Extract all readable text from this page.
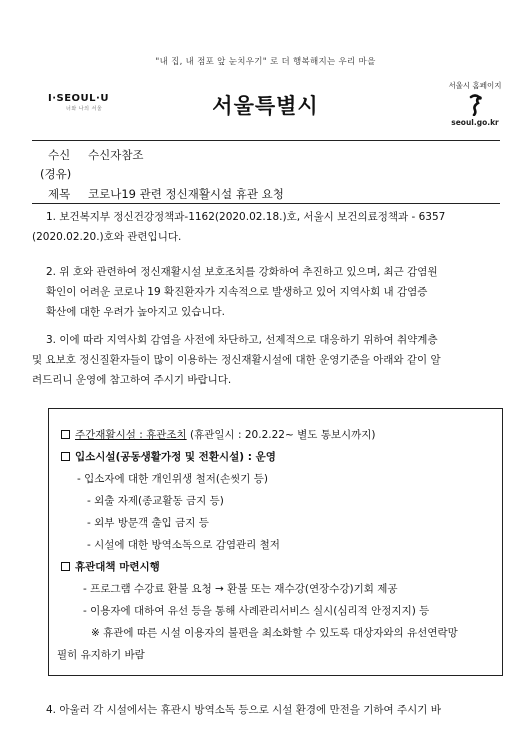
"내 집, 내 점포 앞 눈치우기" 로 더 행복해지는 우리 마을
I·SEOUL·U
너와 나의 서울	서울특별시
서울시 홈페이지
seoul.go.kr
수신 수신자참조
(경유)
제목 코로나19 관련 정신재활시설 휴관 요청
1. 보건복지부 정신건강정책과-1162(2020.02.18.)호, 서울시 보건의료정책과 - 6357
(2020.02.20.)호와 관련입니다.
2. 위 호와 관련하여 정신재활시설 보호조치를 강화하여 추진하고 있으며, 최근 감염원
확인이 어려운 코로나 19 확진환자가 지속적으로 발생하고 있어 지역사회 내 감염증
확산에 대한 우려가 높아지고 있습니다.
3. 이에 따라 지역사회 감염을 사전에 차단하고, 선제적으로 대응하기 위하여 취약계층
및 요보호 정신질환자들이 많이 이용하는 정신재활시설에 대한 운영기준을 아래와 같이 알
려드리니 운영에 참고하여 주시기 바랍니다.
주간재활시설 : 휴관조치 (휴관일시 : 20.2.22~ 별도 통보시까지)
입소시설(공동생활가정 및 전환시설) : 운영
- 입소자에 대한 개인위생 철저(손씻기 등)
- 외출 자제(종교활동 금지 등)
- 외부 방문객 출입 금지 등
- 시설에 대한 방역소독으로 감염관리 철저
휴관대책 마련시행
- 프로그램 수강료 환불 요청 → 환불 또는 재수강(연장수강)기회 제공
- 이용자에 대하여 유선 등을 통해 사례관리서비스 실시(심리적 안정지지) 등
※ 휴관에 따른 시설 이용자의 불편을 최소화할 수 있도록 대상자와의 유선연락망
필히 유지하기 바람
4. 아울러 각 시설에서는 휴관시 방역소독 등으로 시설 환경에 만전을 기하여 주시기 바
